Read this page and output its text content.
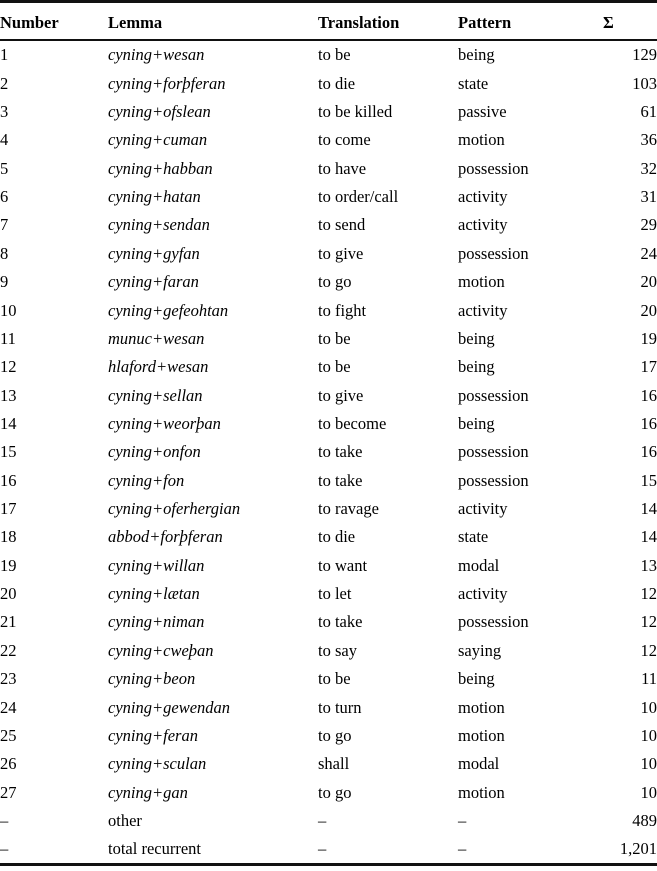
Number	Lemma	Translation	Pattern	Σ

1	cyning+wesan	to be	being	129
2	cyning+forþferan	to die	state	103
3	cyning+ofslean	to be killed	passive	61
4	cyning+cuman	to come	motion	36
5	cyning+habban	to have	possession	32
6	cyning+hatan	to order/call	activity	31
7	cyning+sendan	to send	activity	29
8	cyning+gyfan	to give	possession	24
9	cyning+faran	to go	motion	20
10	cyning+gefeohtan	to fight	activity	20
11	munuc+wesan	to be	being	19
12	hlaford+wesan	to be	being	17
13	cyning+sellan	to give	possession	16
14	cyning+weorþan	to become	being	16
15	cyning+onfon	to take	possession	16
16	cyning+fon	to take	possession	15
17	cyning+oferhergian	to ravage	activity	14
18	abbod+forþferan	to die	state	14
19	cyning+willan	to want	modal	13
20	cyning+lætan	to let	activity	12
21	cyning+niman	to take	possession	12
22	cyning+cweþan	to say	saying	12
23	cyning+beon	to be	being	11
24	cyning+gewendan	to turn	motion	10
25	cyning+feran	to go	motion	10
26	cyning+sculan	shall	modal	10
27	cyning+gan	to go	motion	10
–	other	–	–	489
–	total recurrent	–	–	1,201
